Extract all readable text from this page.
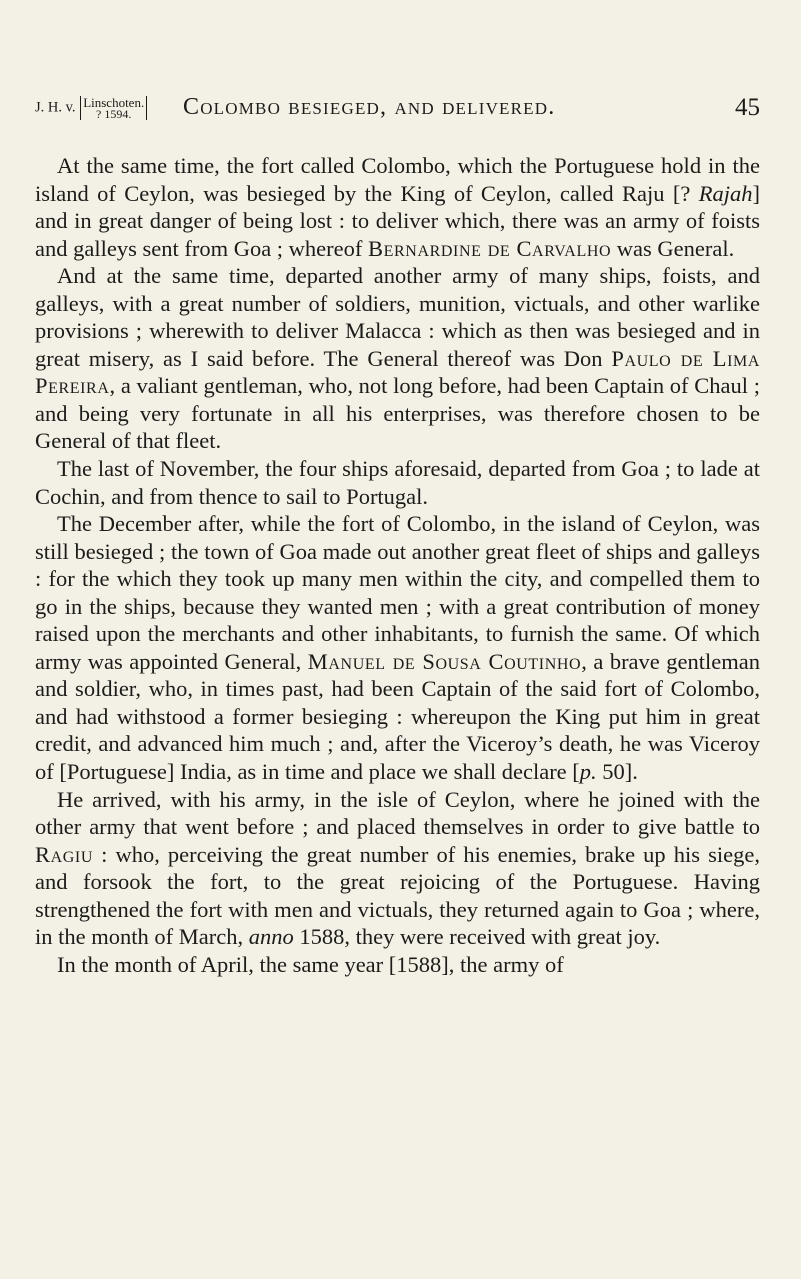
J. H. v. Linschoten.
? 1594.	Colombo besieged, and delivered.	45

At the same time, the fort called Colombo, which the Portuguese hold in the island of Ceylon, was besieged by the King of Ceylon, called Raju [? Rajah] and in great danger of being lost : to deliver which, there was an army of foists and galleys sent from Goa ; whereof Bernardine de Carvalho was General.

And at the same time, departed another army of many ships, foists, and galleys, with a great number of soldiers, munition, victuals, and other warlike provisions ; wherewith to deliver Malacca : which as then was besieged and in great misery, as I said before. The General thereof was Don Paulo de Lima Pereira, a valiant gentleman, who, not long before, had been Captain of Chaul ; and being very fortunate in all his enterprises, was therefore chosen to be General of that fleet.

The last of November, the four ships aforesaid, departed from Goa ; to lade at Cochin, and from thence to sail to Portugal.

The December after, while the fort of Colombo, in the island of Ceylon, was still besieged ; the town of Goa made out another great fleet of ships and galleys : for the which they took up many men within the city, and compelled them to go in the ships, because they wanted men ; with a great contribution of money raised upon the merchants and other inhabitants, to furnish the same. Of which army was appointed General, Manuel de Sousa Coutinho, a brave gentleman and soldier, who, in times past, had been Captain of the said fort of Colombo, and had withstood a former besieging : whereupon the King put him in great credit, and advanced him much ; and, after the Viceroy’s death, he was Viceroy of [Portuguese] India, as in time and place we shall declare [p. 50].

He arrived, with his army, in the isle of Ceylon, where he joined with the other army that went before ; and placed themselves in order to give battle to Ragiu : who, perceiving the great number of his enemies, brake up his siege, and forsook the fort, to the great rejoicing of the Portuguese. Having strengthened the fort with men and victuals, they returned again to Goa ; where, in the month of March, anno 1588, they were received with great joy.

In the month of April, the same year [1588], the army of
